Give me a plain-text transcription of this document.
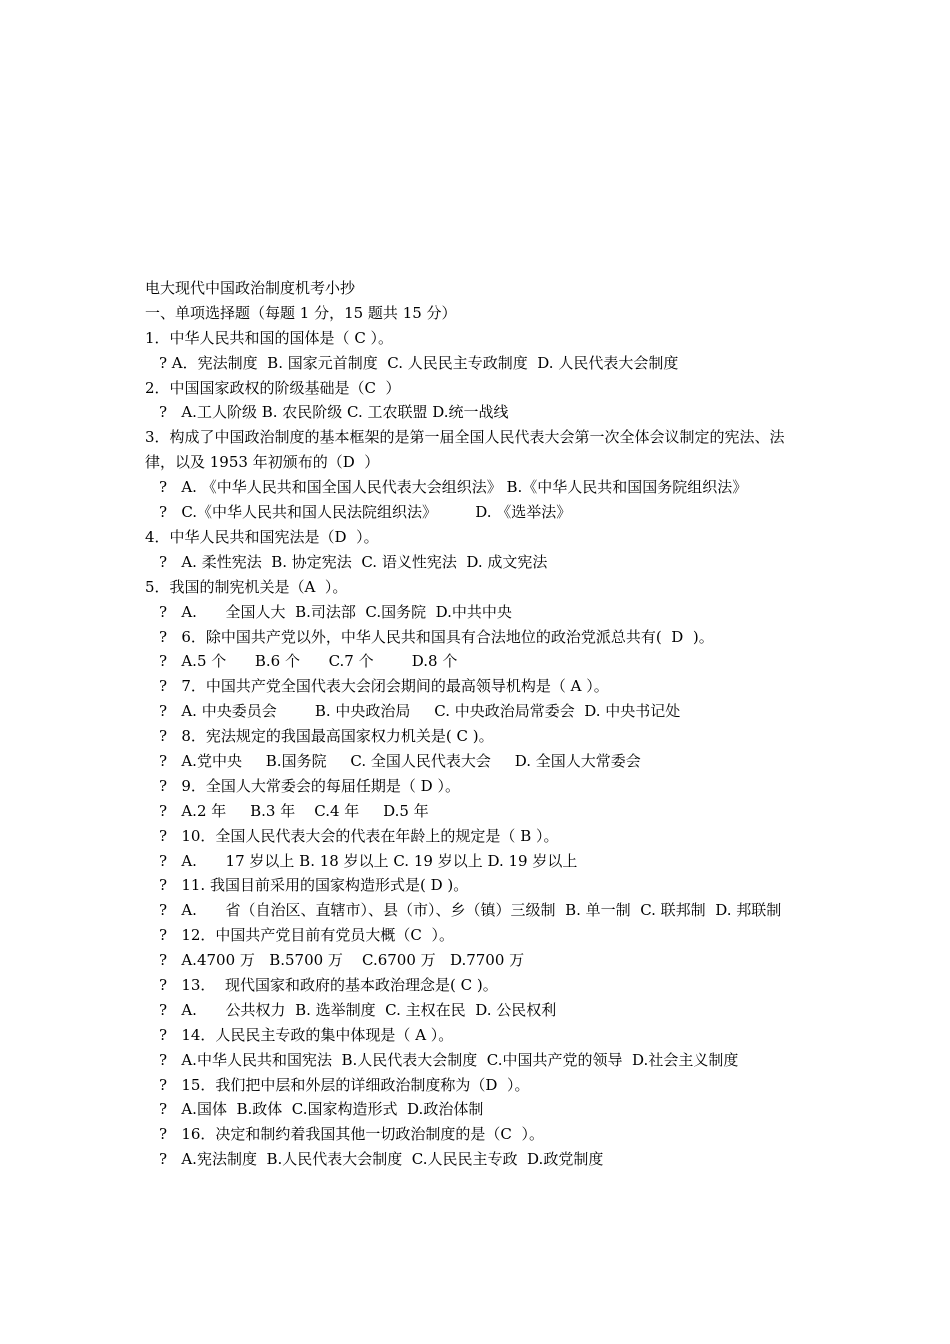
电大现代中国政治制度机考小抄
一、单项选择题（每题 1 分，15 题共 15 分）
1．中华人民共和国的国体是（ C ）。
? A．宪法制度  B. 国家元首制度  C. 人民民主专政制度  D. 人民代表大会制度
2．中国国家政权的阶级基础是（C  ）
?   A.工人阶级 B. 农民阶级 C. 工农联盟 D.统一战线
3．构成了中国政治制度的基本框架的是第一届全国人民代表大会第一次全体会议制定的宪法、法律，以及 1953 年初颁布的（D  ）
?   A. 《中华人民共和国全国人民代表大会组织法》 B.《中华人民共和国国务院组织法》
?   C.《中华人民共和国人民法院组织法》        D. 《选举法》
4．中华人民共和国宪法是（D  ）。
?   A. 柔性宪法  B. 协定宪法  C. 语义性宪法  D. 成文宪法
5．我国的制宪机关是（A  ）。
?   A.      全国人大  B.司法部  C.国务院  D.中共中央
?   6．除中国共产党以外，中华人民共和国具有合法地位的政治党派总共有(  D  )。
?   A.5 个      B.6 个      C.7 个        D.8 个
?   7．中国共产党全国代表大会闭会期间的最高领导机构是（ A ）。
?   A. 中央委员会        B. 中央政治局     C. 中央政治局常委会  D. 中央书记处
?   8．宪法规定的我国最高国家权力机关是( C )。
?   A.党中央     B.国务院     C. 全国人民代表大会     D. 全国人大常委会
?   9．全国人大常委会的每届任期是（ D ）。
?   A.2 年     B.3 年    C.4 年     D.5 年
?   10．全国人民代表大会的代表在年龄上的规定是（ B ）。
?   A.      17 岁以上 B. 18 岁以上 C. 19 岁以上 D. 19 岁以上
?   11. 我国目前采用的国家构造形式是( D )。
?   A.      省（自治区、直辖市）、县（市）、乡（镇）三级制  B. 单一制  C. 联邦制  D. 邦联制
?   12．中国共产党目前有党员大概（C  ）。
?   A.4700 万   B.5700 万    C.6700 万   D.7700 万
?   13．  现代国家和政府的基本政治理念是( C )。
?   A.      公共权力  B. 选举制度  C. 主权在民  D. 公民权利
?   14．人民民主专政的集中体现是（ A ）。
?   A.中华人民共和国宪法  B.人民代表大会制度  C.中国共产党的领导  D.社会主义制度
?   15．我们把中层和外层的详细政治制度称为（D  ）。
?   A.国体  B.政体  C.国家构造形式  D.政治体制
?   16．决定和制约着我国其他一切政治制度的是（C  ）。
?   A.宪法制度  B.人民代表大会制度  C.人民民主专政  D.政党制度
